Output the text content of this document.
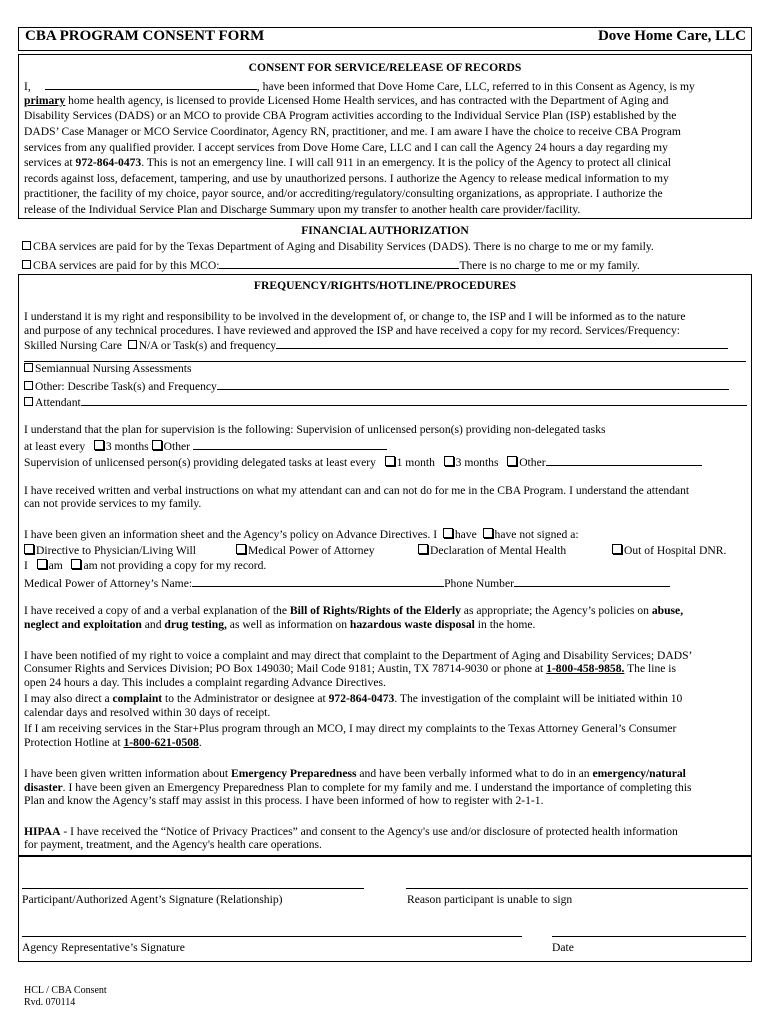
CBA PROGRAM CONSENT FORM	Dove Home Care, LLC
CONSENT FOR SERVICE/RELEASE OF RECORDS
I,	, have been informed that Dove Home Care, LLC, referred to in this Consent as Agency, is my
primary home health agency, is licensed to provide Licensed Home Health services, and has contracted with the Department of Aging and
Disability Services (DADS) or an MCO to provide CBA Program activities according to the Individual Service Plan (ISP) established by the
DADS’ Case Manager or MCO Service Coordinator, Agency RN, practitioner, and me. I am aware I have the choice to receive CBA Program
services from any qualified provider. I accept services from Dove Home Care, LLC and I can call the Agency 24 hours a day regarding my
services at 972-864-0473. This is not an emergency line. I will call 911 in an emergency. It is the policy of the Agency to protect all clinical
records against loss, defacement, tampering, and use by unauthorized persons. I authorize the Agency to release medical information to my
practitioner, the facility of my choice, payor source, and/or accrediting/regulatory/consulting organizations, as appropriate. I authorize the
release of the Individual Service Plan and Discharge Summary upon my transfer to another health care provider/facility.
FINANCIAL AUTHORIZATION
CBA services are paid for by the Texas Department of Aging and Disability Services (DADS). There is no charge to me or my family.
CBA services are paid for by this MCO:	There is no charge to me or my family.
FREQUENCY/RIGHTS/HOTLINE/PROCEDURES
I understand it is my right and responsibility to be involved in the development of, or change to, the ISP and I will be informed as to the nature
and purpose of any technical procedures. I have reviewed and approved the ISP and have received a copy for my record. Services/Frequency:
Skilled Nursing Care N/A or Task(s) and frequency
Semiannual Nursing Assessments
Other: Describe Task(s) and Frequency
Attendant
I understand that the plan for supervision is the following: Supervision of unlicensed person(s) providing non-delegated tasks
at least every 3 months Other
Supervision of unlicensed person(s) providing delegated tasks at least every 1 month 3 months Other
I have received written and verbal instructions on what my attendant can and can not do for me in the CBA Program. I understand the attendant
can not provide services to my family.
I have been given an information sheet and the Agency’s policy on Advance Directives. I have have not signed a:
Directive to Physician/Living Will	Medical Power of Attorney	Declaration of Mental Health	Out of Hospital DNR.
I am am not providing a copy for my record.
Medical Power of Attorney’s Name:	Phone Number
I have received a copy of and a verbal explanation of the Bill of Rights/Rights of the Elderly as appropriate; the Agency’s policies on abuse,
neglect and exploitation and drug testing, as well as information on hazardous waste disposal in the home.
I have been notified of my right to voice a complaint and may direct that complaint to the Department of Aging and Disability Services; DADS’
Consumer Rights and Services Division; PO Box 149030; Mail Code 9181; Austin, TX 78714-9030 or phone at 1-800-458-9858. The line is
open 24 hours a day. This includes a complaint regarding Advance Directives.
I may also direct a complaint to the Administrator or designee at 972-864-0473. The investigation of the complaint will be initiated within 10
calendar days and resolved within 30 days of receipt.
If I am receiving services in the Star+Plus program through an MCO, I may direct my complaints to the Texas Attorney General’s Consumer
Protection Hotline at 1-800-621-0508.
I have been given written information about Emergency Preparedness and have been verbally informed what to do in an emergency/natural
disaster. I have been given an Emergency Preparedness Plan to complete for my family and me. I understand the importance of completing this
Plan and know the Agency’s staff may assist in this process. I have been informed of how to register with 2-1-1.
HIPAA - I have received the “Notice of Privacy Practices” and consent to the Agency's use and/or disclosure of protected health information
for payment, treatment, and the Agency's health care operations.
Participant/Authorized Agent’s Signature (Relationship)	Reason participant is unable to sign
Agency Representative’s Signature	Date
HCL / CBA Consent
Rvd. 070114
